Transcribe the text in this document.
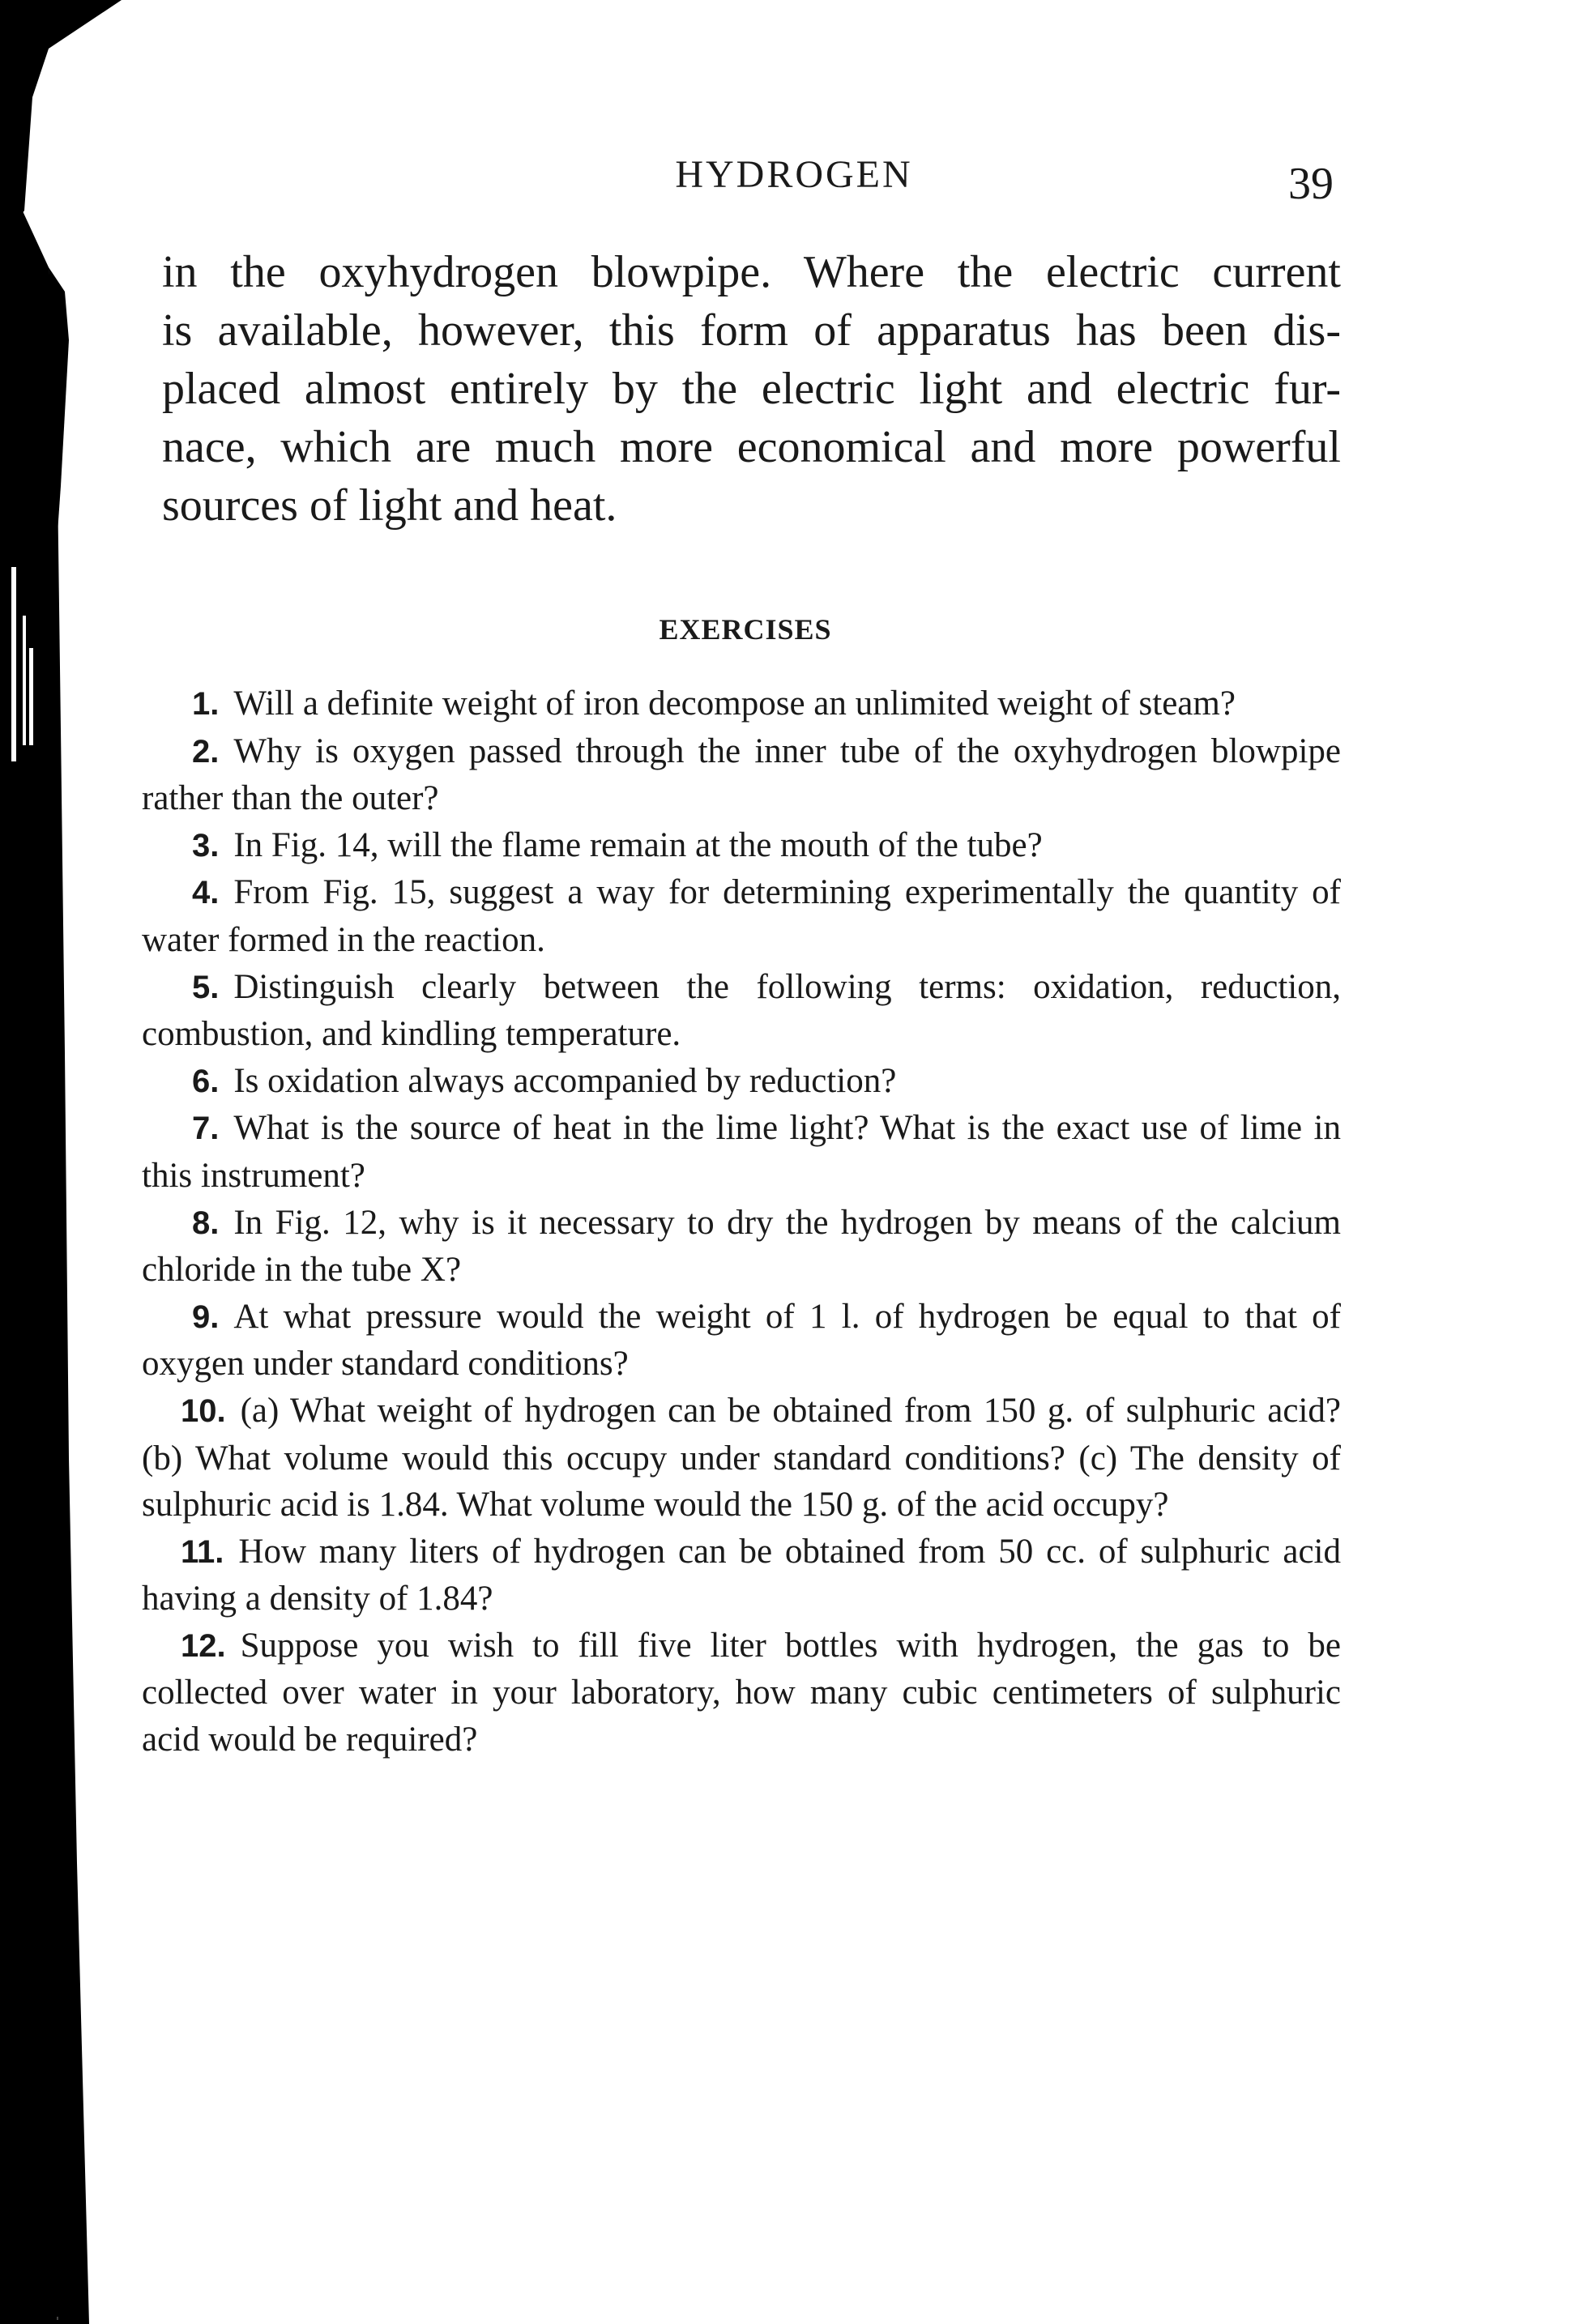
HYDROGEN	39
in the oxyhydrogen blowpipe. Where the electric current
is available, however, this form of apparatus has been dis-
placed almost entirely by the electric light and electric fur-
nace, which are much more economical and more powerful
sources of light and heat.
EXERCISES
1. Will a definite weight of iron decompose an unlimited weight of steam?
2. Why is oxygen passed through the inner tube of the oxyhydrogen blowpipe rather than the outer?
3. In Fig. 14, will the flame remain at the mouth of the tube?
4. From Fig. 15, suggest a way for determining experimentally the quantity of water formed in the reaction.
5. Distinguish clearly between the following terms: oxidation, reduction, combustion, and kindling temperature.
6. Is oxidation always accompanied by reduction?
7. What is the source of heat in the lime light? What is the exact use of lime in this instrument?
8. In Fig. 12, why is it necessary to dry the hydrogen by means of the calcium chloride in the tube X?
9. At what pressure would the weight of 1 l. of hydrogen be equal to that of oxygen under standard conditions?
10. (a) What weight of hydrogen can be obtained from 150 g. of sulphuric acid? (b) What volume would this occupy under standard conditions? (c) The density of sulphuric acid is 1.84. What volume would the 150 g. of the acid occupy?
11. How many liters of hydrogen can be obtained from 50 cc. of sulphuric acid having a density of 1.84?
12. Suppose you wish to fill five liter bottles with hydrogen, the gas to be collected over water in your laboratory, how many cubic centimeters of sulphuric acid would be required?
